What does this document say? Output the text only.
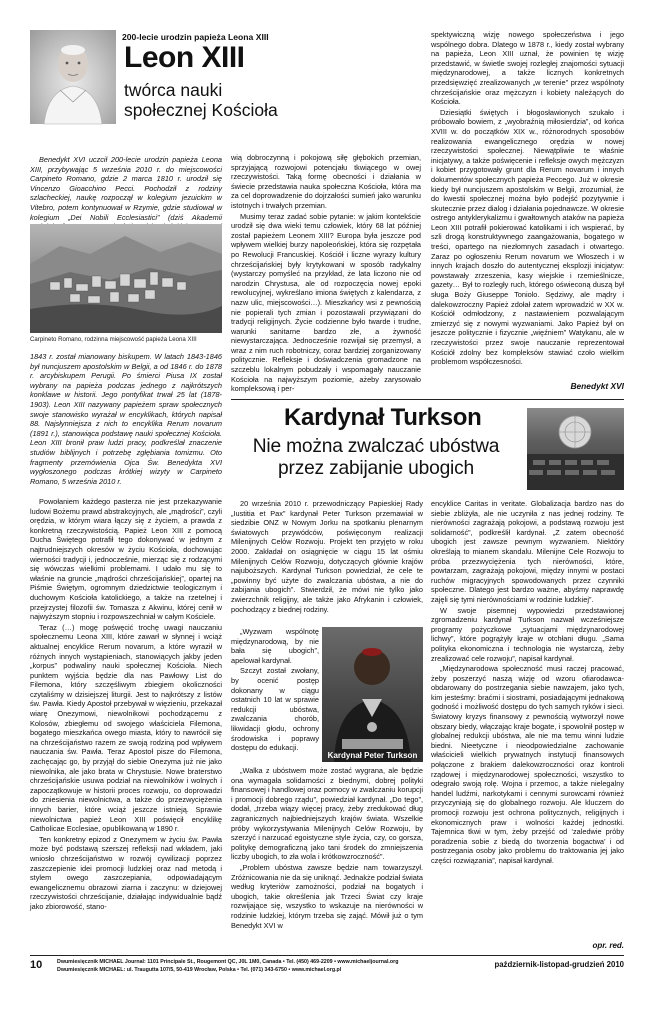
200-lecie urodzin papieża Leona XIII
Leon XIII
twórca nauki społecznej Kościoła

Benedykt XVI uczcił 200-lecie urodzin papieża Leona XIII, przybywając 5 września 2010 r. do miejscowości Carpineto Romano, gdzie 2 marca 1810 r. urodził się Vincenzo Gioacchino Pecci. Pochodził z rodziny szlacheckiej, naukę rozpoczął w kolegium jezuickim w Vitebro, potem kontynuował w Rzymie, gdzie studiował w kolegium „Dei Nobili Ecclesiastici” (dziś Akademii

Carpineto Romano, rodzinna miejscowość papieża Leona XIII

1843 r. został mianowany biskupem. W latach 1843-1846 był nuncjuszem apostolskim w Belgii, a od 1846 r. do 1878 r. arcybiskupem Perugii. Po śmierci Piusa IX został wybrany na papieża podczas jednego z najkrótszych konklawe w historii. Jego pontyfikat trwał 25 lat (1878-1903). Leon XIII nazywany papieżem spraw społecznych swoje stanowisko wyrażał w encyklikach, których napisał 88. Najsłynniejsza z nich to encyklika Rerum novarum (1891 r.), stanowiąca podstawę nauki społecznej Kościoła. Leon XIII bronił praw ludzi pracy, podkreślał znaczenie studiów biblijnych i potrzebę zgłębiania tomizmu. Oto fragmenty przemówienia Ojca Św. Benedykta XVI wygłoszonego podczas krótkiej wizyty w Carpineto Romano, 5 września 2010 r.

Powołaniem każdego pasterza nie jest przekazywanie ludowi Bożemu prawd abstrakcyjnych, ale „mądrości”, czyli orędzia, w którym wiara łączy się z życiem, a prawda z konkretną rzeczywistością. Papież Leon XIII z pomocą Ducha Świętego potrafił tego dokonywać w jednym z najtrudniejszych okresów w życiu Kościoła, dochowując wierności tradycji i, jednocześnie, mierząc się z rodzącymi się wówczas wielkimi problemami. I udało mu się to właśnie na gruncie „mądrości chrześcijańskiej”, opartej na Piśmie Świętym, ogromnym dziedzictwie teologicznym i duchowym Kościoła katolickiego, a także na rzetelnej i przejrzystej filozofii św. Tomasza z Akwinu, której cenił w najwyższym stopniu i rozpowszechniał w całym Kościele.

Teraz (…) mogę pośwęcić trochę uwagi nauczaniu społecznemu Leona XIII, które zawarł w słynnej i wciąż aktualnej encyklice Rerum novarum, a które wyraził w różnych innych wystąpieniach, stanowiących jakby jeden „korpus” podwaliny nauki społecznej Kościoła. Niech punktem wyjścia będzie dla nas Pawłowy List do Filemona, który szczęśliwym zbiegiem okoliczności czytaliśmy w dzisiejszej liturgii. Jest to najkrótszy z listów św. Pawła. Kiedy Apostoł przebywał w więzieniu, przekazał wiarę Onezymowi, niewolnikowi pochodzącemu z Kolosów, zbiegłemu od swojego właściciela Filemona, bogatego mieszkańca owego miasta, który to nawrócił się na chrześcijaństwo razem ze swoją rodziną pod wpływem nauczania św. Pawła. Teraz Apostoł pisze do Filemona, zachęcając go, by przyjął do siebie Onezyma już nie jako niewolnika, ale jako brata w Chrystusie. Nowe braterstwo chrześcijańskie usuwa podział na niewolników i wolnych i zapoczątkowuje w historii proces rozwoju, co doprowadzi do zniesienia niewolnictwa, a także do przezwyciężenia innych barier, które wciąż jeszcze istnieją. Sprawie niewolnictwa papież Leon XIII poświęcił encyklikę Catholicae Ecclesiae, opublikowaną w 1890 r.

Ten konkretny epizod z Onezymem w życiu św. Pawła może być podstawą szerszej refleksji nad wkładem, jaki wniosło chrześcijaństwo w rozwój cywilizacji poprzez zaszczepienie idei promocji ludzkiej oraz nad metodą i stylem owego zaszczepiania, odpowiadającym ewangelicznemu obrazowi ziarna i zaczynu: w dziejowej rzeczywistości chrześcijanie, działając indywidualnie bądź jako zbiorowość, stano-

wią dobroczynną i pokojową siłę głębokich przemian, sprzyjającą rozwojowi potencjału tkwiącego w owej rzeczywistości. Taką formę obecności i działania w świecie przedstawia nauka społeczna Kościoła, która ma za cel doprowadzenie do dojrzałości sumień jako warunku istotnych i trwałych przemian.

Musimy teraz zadać sobie pytanie: w jakim kontekście urodził się dwa wieki temu człowiek, który 68 lat później został papieżem Leonem XIII? Europa była jeszcze pod wpływem wielkiej burzy napoleońskiej, która się rozpętała po Rewolucji Francuskiej. Kościół i liczne wyrazy kultury chrześcijańskiej były krytykowani w sposób radykalny (wystarczy pomyśleć na przykład, że lata liczono nie od narodzin Chrystusa, ale od rozpoczęcia nowej epoki rewolucyjnej, wykreślano imiona świętych z kalendarza, z nazw ulic, miejscowości…). Mieszkańcy wsi z pewnością nie popierali tych zmian i pozostawali przywiązani do tradycji religijnych. Życie codzienne było twarde i trudne, warunki sanitarne bardzo złe, a żywność niewystarczająca. Jednocześnie rozwijał się przemysł, a wraz z nim ruch robotniczy, coraz bardziej zorganizowany politycznie. Refleksje i doświadczenia gromadzone na szczeblu lokalnym pobudzały i wspomagały nauczanie Kościoła na najwyższym poziomie, ażeby zarysowało kompleksową i per-

spektywiczną wizję nowego społeczeństwa i jego wspólnego dobra. Dlatego w 1878 r., kiedy został wybrany na papieża, Leon XIII uznał, że powinien tę wizję przedstawić, w świetle swojej rozległej znajomości sytuacji międzynarodowej, a także licznych konkretnych przedsięwzięć zrealizowanych „w terenie” przez wspólnoty chrześcijańskie oraz mężczyzn i kobiety należących do Kościoła.

Dziesiątki świętych i błogosławionych szukało i próbowało bowiem, z „wyobraźnią miłosierdzia”, od końca XVIII w. do początków XIX w., różnorodnych sposobów realizowania ewangelicznego orędzia w nowej rzeczywistości społecznej. Niewątpliwie te właśnie inicjatywy, a także poświęcenie i refleksje owych mężczyzn i kobiet przygotowały grunt dla Rerum novarum i innych dokumentów społecznych papieża Peccego. Już w okresie kiedy był nuncjuszem apostolskim w Belgii, zrozumiał, że do kwestii społecznej można było podejść pozytywnie i skutecznie przez dialog i działania pojednawcze. W okresie ostrego antyklerykalizmu i gwałtownych ataków na papieża Leon XIII potrafił pokierować katolikami i ich wspierać, by szli drogą konstruktywnego zaangażowania, bogatego w treści, opartego na niezłomnych zasadach i otwartego. Zaraz po ogłoszeniu Rerum novarum we Włoszech i w innych krajach doszło do autentycznej eksplozji inicjatyw: powstawały zrzeszenia, kasy wiejskie i rzemieślnicze, gazety… Był to rozległy ruch, którego oświeconą duszą był sługa Boży Giuseppe Toniolo. Sędziwy, ale mądry i dalekowzroczny Papież zdołał zatem wprowadzić w XX w. Kościół odmłodzony, z nastawieniem pozwalającym zmierzyć się z nowymi wyzwaniami. Jako Papież był on jeszcze politycznie i fizycznie „więźniem” Watykanu, ale w rzeczywistości przez swoje nauczanie reprezentował Kościół zdolny bez kompleksów stawiać czoło wielkim problemom współczesności.

Benedykt XVI
Kardynał Turkson
Nie można zwalczać ubóstwa
przez zabijanie ubogich

20 września 2010 r. przewodniczący Papieskiej Rady „Iustitia et Pax” kardynał Peter Turkson przemawiał w siedzibie ONZ w Nowym Jorku na spotkaniu plenarnym światowych przywódców, poświęconym realizacji Milenijnych Celów Rozwoju. Projekt ten przyjęto w roku 2000. Zakładał on osiągnięcie w ciągu 15 lat ośmiu Milenijnych Celów Rozwoju, dotyczących głównie krajów najuboższych. Kardynał Turkson powiedział, że cele te „powinny być użyte do zwalczania ubóstwa, a nie do zabijania ubogich”. Stwierdził, że mówi nie tylko jako zwierzchnik religijny, ale także jako Afrykanin i człowiek, pochodzący z biednej rodziny.

Kardynał Peter Turkson

„Wyzwam wspólnotę międzynarodową, by nie bała się ubogich”, apelował kardynał.

Szczyt został zwołany, by ocenić postęp dokonany w ciągu ostatnich 10 lat w sprawie redukcji ubóstwa, zwalczania chorób, likwidacji głodu, ochrony środowiska i poprawy dostępu do edukacji.

„Walka z ubóstwem może zostać wygrana, ale będzie ona wymagała solidarności z biednymi, dobrej polityki finansowej i handlowej oraz pomocy w zwalczaniu korupcji i promocji dobrego rządu”, powiedział kardynał. „Do tego”, dodał, „trzeba wiązy więcej pracy, żeby zredukować dług zagranicznych najbiedniejszych krajów świata. Wszelkie próby wykorzystywania Milenijnych Celów Rozwoju, by szerzyć i narzucać egoistyczne style życia, czy, co gorsza, politykę demograficzną jako tani środek do zmniejszenia liczby ubogich, to zła wola i krótkowzroczność”.

„Problem ubóstwa zawsze będzie nam towarzyszył. Zróżnicowania nie da się uniknąć. Jednakże podział świata według kryteriów zamożności, podział na bogatych i ubogich, takie określenia jak Trzeci Świat czy kraje rozwijające się, wszystko to wskazuje na nierówności w rodzinie ludzkiej, którym trzeba się zająć. Mówił już o tym Benedykt XVI w

encyklice Caritas in veritate. Globalizacja bardzo nas do siebie zbliżyła, ale nie uczyniła z nas jednej rodziny. Te nierówności zagrażają pokojowi, a podstawą rozwoju jest solidarność”, podkreślił kardynał. „Z zatem obecność ubogich jest zawsze pewnym wyzwaniem. Niektóry określają to mianem skandalu. Milenijne Cele Rozwoju to próba przezwyciężenia tych nierówności, które, powtarzam, zagrażają pokojowi, między innymi w postaci ruchów migracyjnych spowodowanych przez czynniki społeczne. Dlatego jest bardzo ważne, abyśmy naprawdę zajęli się tymi nierównościami w rodzinie ludzkiej”.

W swoje pisemnej wypowiedzi przedstawionej zgromadzeniu kardynał Turkson nazwał wcześniejsze programy pożyczkowe „sytuacjami międzynarodowej lichwy”, które pogrążyły kraje w otchłani długu. „Sama polityka ekonomiczna i technologia nie wystarczą, żeby zrealizować cele rozwoju”, napisał kardynał.

„Międzynarodowa społeczność musi raczej pracować, żeby poszerzyć naszą wizję od wzoru ofiarodawca-obdarowany do postrzegania siebie nawzajem, jako tych, kim jesteśmy: braćmi i siostrami, posiadającymi jednakową godność i możliwość dostępu do tych samych ryków i sieci. Światowy kryzys finansowy z pewnością wytworzył nowe obszary biedy, włączając kraje bogate, i spowolnił postęp w globalnej redukcji ubóstwa, ale nie ma temu winni ludzie biedni. Nieetyczne i nieodpowiedzialne zachowanie właścicieli wielkich prywatnych instytucji finansowych połączone z brakiem dalekowzroczności oraz kontroli rządowej i międzynarodowej społeczności, wszystko to odegrało swoją rolę. Wojna i przemoc, a także nielegalny handel ludźmi, narkotykami i cennymi surowcami również przyczyniają się do globalnego rozwoju. Ale kluczem do promocji rozwoju jest ochrona politycznych, religijnych i ekonomicznych praw i wolności każdej jednostki. Tajemnica tkwi w tym, żeby przejść od ‘zaledwie próby poradzenia sobie z biedą do tworzenia bogactwa’ i od postrzegania osoby jako problemu do traktowania jej jako części rozwiązania”, napisał kardynał.

opr. red.
10	Dwumiesięcznik MICHAEL Journal: 1101 Principale St., Rougemont QC, J0L 1M0, Canada • Tel. (450) 469-2209 • www.michaeljournal.org
Dwumiesięcznik MICHAEL: ul. Traugutta 107/5, 50-419 Wrocław, Polska • Tel. (071) 343-6750 • www.michael.org.pl
październik-listopad-grudzień 2010
